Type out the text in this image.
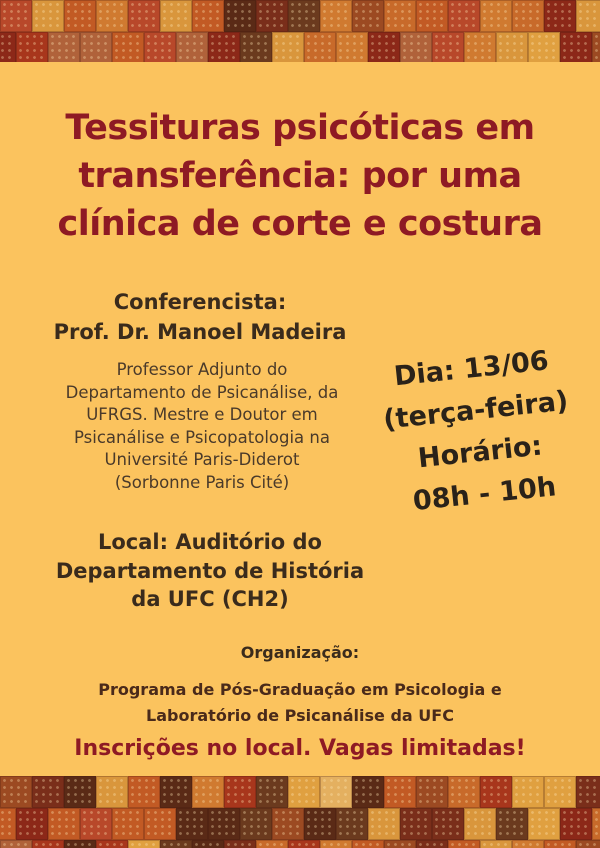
Tessituras psicóticas em
transferência: por uma
clínica de corte e costura
Conferencista:
Prof. Dr. Manoel Madeira
Professor Adjunto do
Departamento de Psicanálise, da
UFRGS. Mestre e Doutor em
Psicanálise e Psicopatologia na
Université Paris-Diderot
(Sorbonne Paris Cité)
Dia: 13/06
(terça-feira)
Horário:
08h - 10h
Local: Auditório do
Departamento de História
da UFC (CH2)
Organização:
Programa de Pós-Graduação em Psicologia e
Laboratório de Psicanálise da UFC
Inscrições no local. Vagas limitadas!
